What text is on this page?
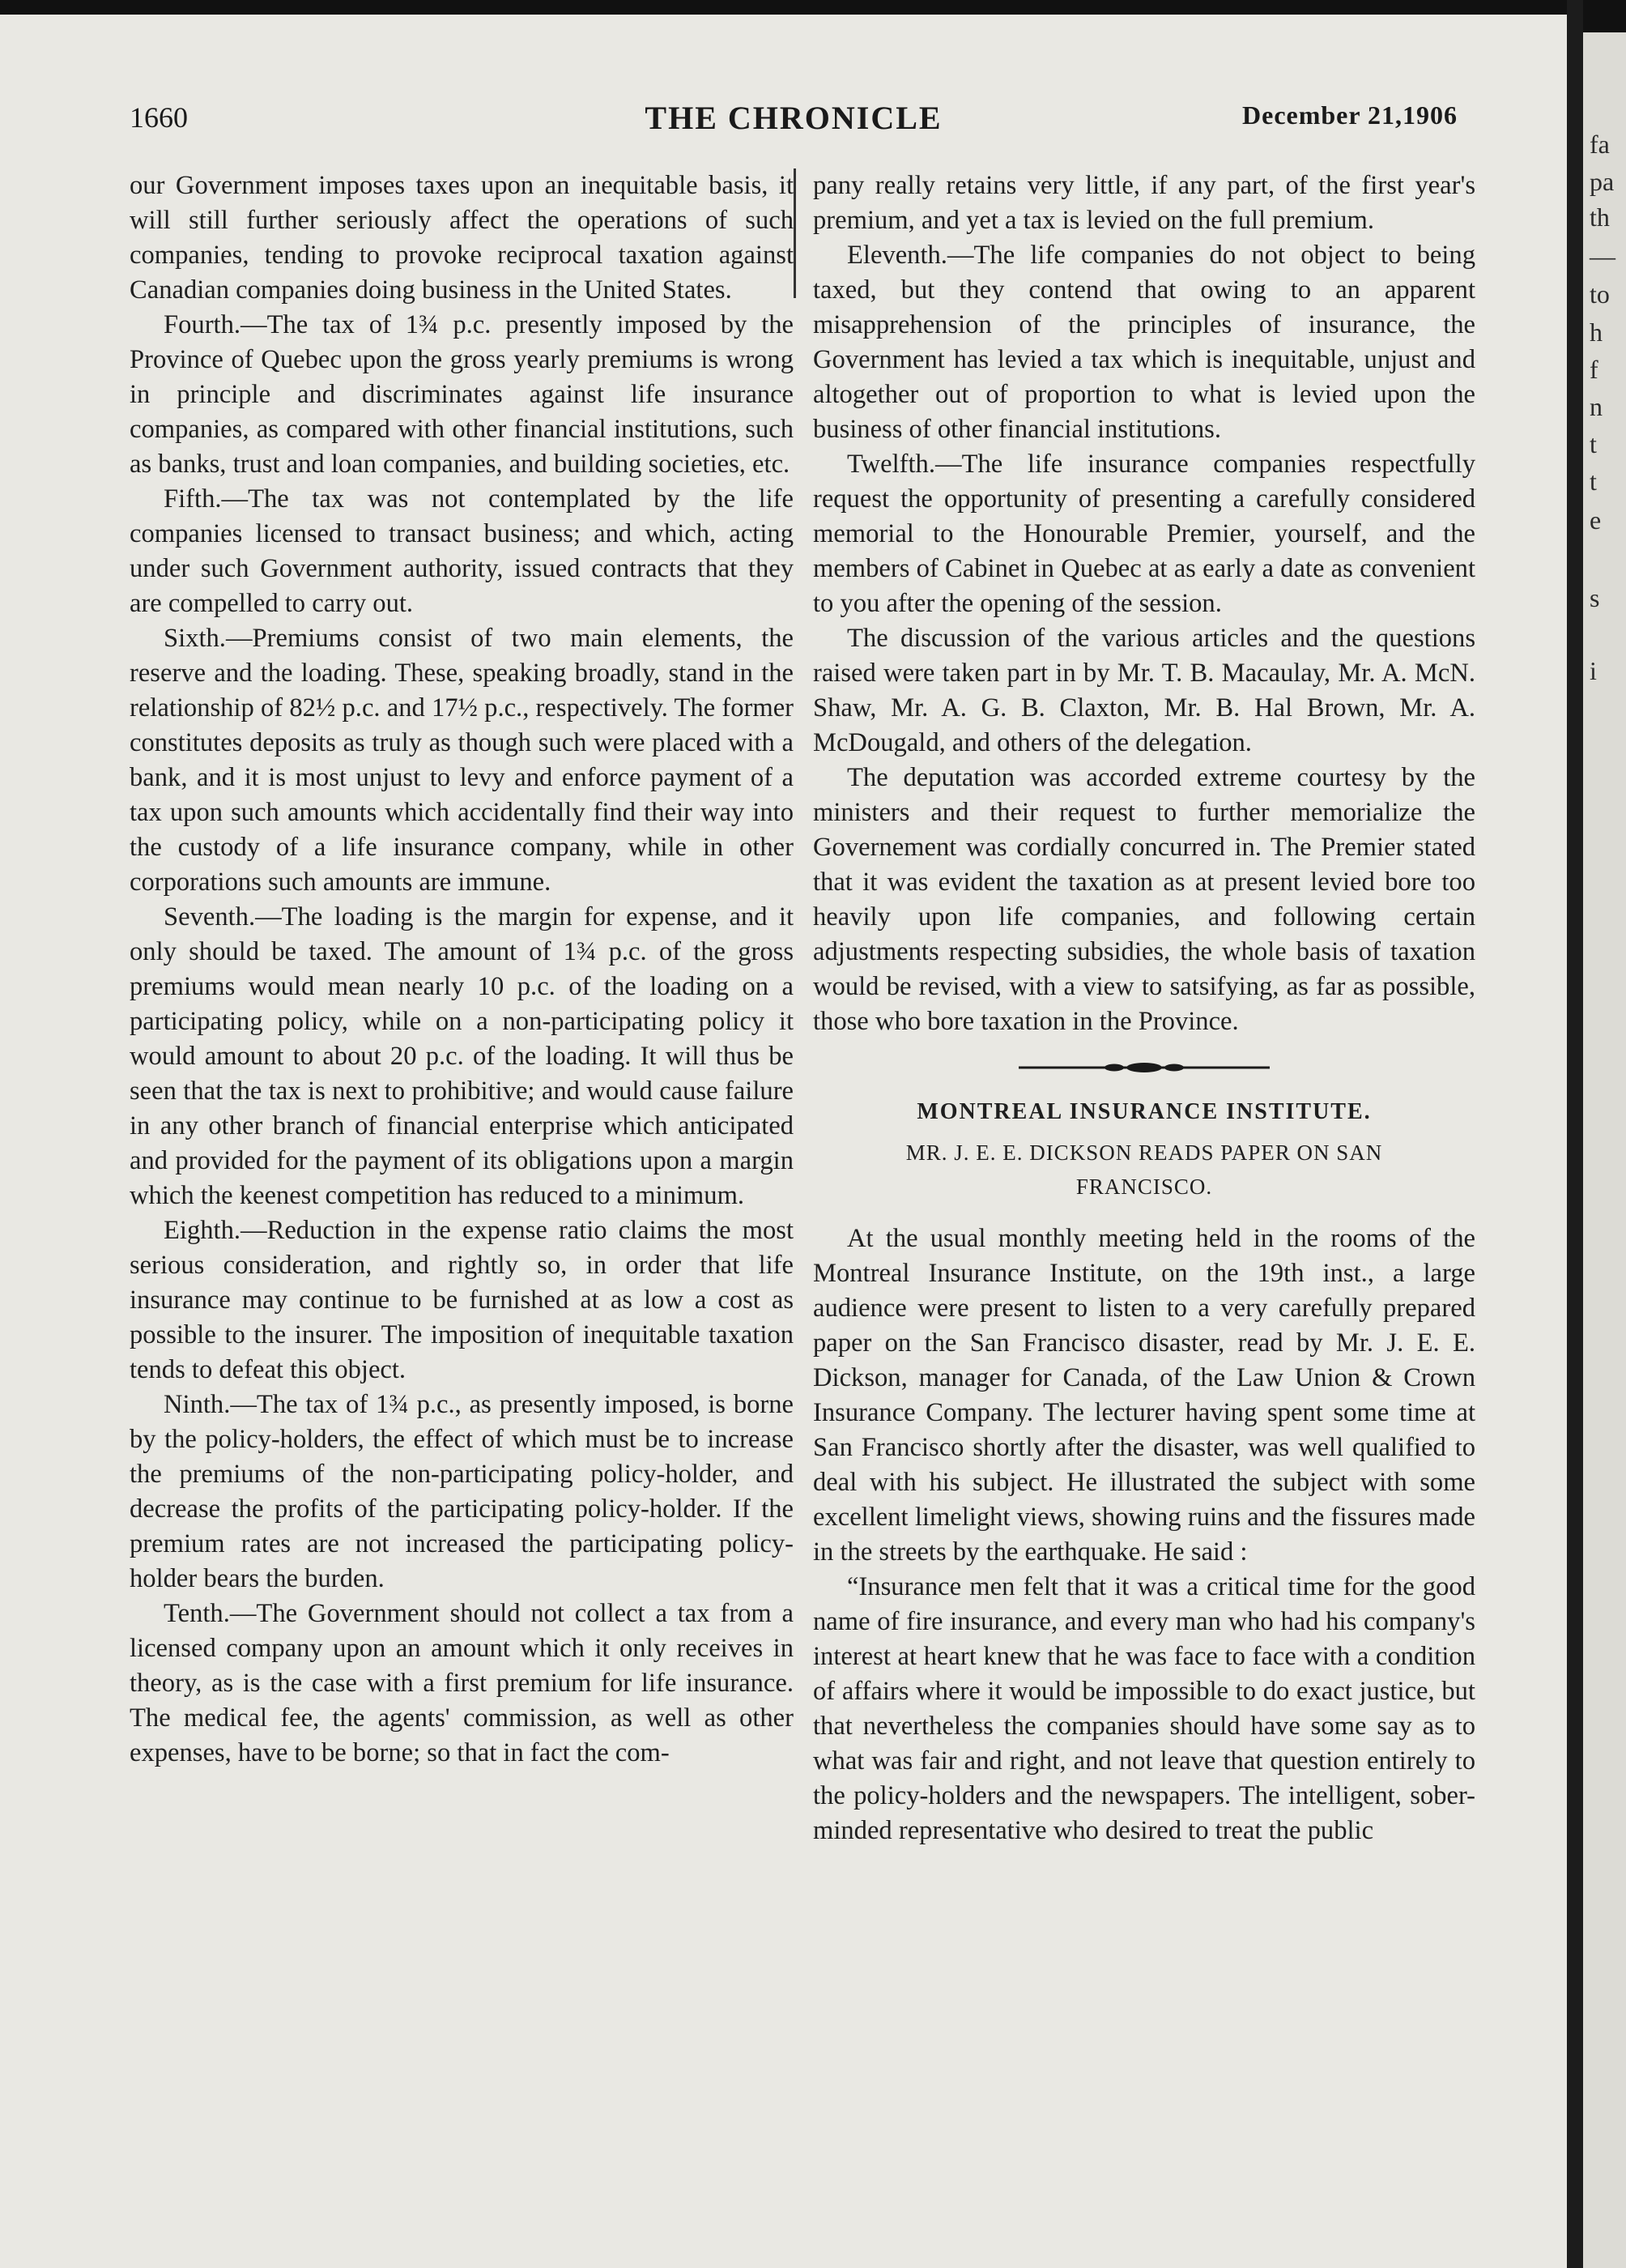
1660	THE CHRONICLE	December 21,1906

our Government imposes taxes upon an inequitable basis, it will still further seriously affect the operations of such companies, tending to provoke reciprocal taxation against Canadian companies doing business in the United States.

Fourth.—The tax of 1¾ p.c. presently imposed by the Province of Quebec upon the gross yearly premiums is wrong in principle and discriminates against life insurance companies, as compared with other financial institutions, such as banks, trust and loan companies, and building societies, etc.

Fifth.—The tax was not contemplated by the life companies licensed to transact business; and which, acting under such Government authority, issued contracts that they are compelled to carry out.

Sixth.—Premiums consist of two main elements, the reserve and the loading. These, speaking broadly, stand in the relationship of 82½ p.c. and 17½ p.c., respectively. The former constitutes deposits as truly as though such were placed with a bank, and it is most unjust to levy and enforce payment of a tax upon such amounts which accidentally find their way into the custody of a life insurance company, while in other corporations such amounts are immune.

Seventh.—The loading is the margin for expense, and it only should be taxed. The amount of 1¾ p.c. of the gross premiums would mean nearly 10 p.c. of the loading on a participating policy, while on a non-participating policy it would amount to about 20 p.c. of the loading. It will thus be seen that the tax is next to prohibitive; and would cause failure in any other branch of financial enterprise which anticipated and provided for the payment of its obligations upon a margin which the keenest competition has reduced to a minimum.

Eighth.—Reduction in the expense ratio claims the most serious consideration, and rightly so, in order that life insurance may continue to be furnished at as low a cost as possible to the insurer. The imposition of inequitable taxation tends to defeat this object.

Ninth.—The tax of 1¾ p.c., as presently imposed, is borne by the policy-holders, the effect of which must be to increase the premiums of the non-participating policy-holder, and decrease the profits of the participating policy-holder. If the premium rates are not increased the participating policy-holder bears the burden.

Tenth.—The Government should not collect a tax from a licensed company upon an amount which it only receives in theory, as is the case with a first premium for life insurance. The medical fee, the agents' commission, as well as other expenses, have to be borne; so that in fact the com-

pany really retains very little, if any part, of the first year's premium, and yet a tax is levied on the full premium.

Eleventh.—The life companies do not object to being taxed, but they contend that owing to an apparent misapprehension of the principles of insurance, the Government has levied a tax which is inequitable, unjust and altogether out of proportion to what is levied upon the business of other financial institutions.

Twelfth.—The life insurance companies respectfully request the opportunity of presenting a carefully considered memorial to the Honourable Premier, yourself, and the members of Cabinet in Quebec at as early a date as convenient to you after the opening of the session.

The discussion of the various articles and the questions raised were taken part in by Mr. T. B. Macaulay, Mr. A. McN. Shaw, Mr. A. G. B. Claxton, Mr. B. Hal Brown, Mr. A. McDougald, and others of the delegation.

The deputation was accorded extreme courtesy by the ministers and their request to further memorialize the Governement was cordially concurred in. The Premier stated that it was evident the taxation as at present levied bore too heavily upon life companies, and following certain adjustments respecting subsidies, the whole basis of taxation would be revised, with a view to satsifying, as far as possible, those who bore taxation in the Province.

MONTREAL INSURANCE INSTITUTE.
MR. J. E. E. DICKSON READS PAPER ON SAN FRANCISCO.

At the usual monthly meeting held in the rooms of the Montreal Insurance Institute, on the 19th inst., a large audience were present to listen to a very carefully prepared paper on the San Francisco disaster, read by Mr. J. E. E. Dickson, manager for Canada, of the Law Union & Crown Insurance Company. The lecturer having spent some time at San Francisco shortly after the disaster, was well qualified to deal with his subject. He illustrated the subject with some excellent limelight views, showing ruins and the fissures made in the streets by the earthquake. He said :

“Insurance men felt that it was a critical time for the good name of fire insurance, and every man who had his company's interest at heart knew that he was face to face with a condition of affairs where it would be impossible to do exact justice, but that nevertheless the companies should have some say as to what was fair and right, and not leave that question entirely to the policy-holders and the newspapers. The intelligent, sober-minded representative who desired to treat the public

fa
pa
th
—
to
h
f
n
t
t
e
s
i
